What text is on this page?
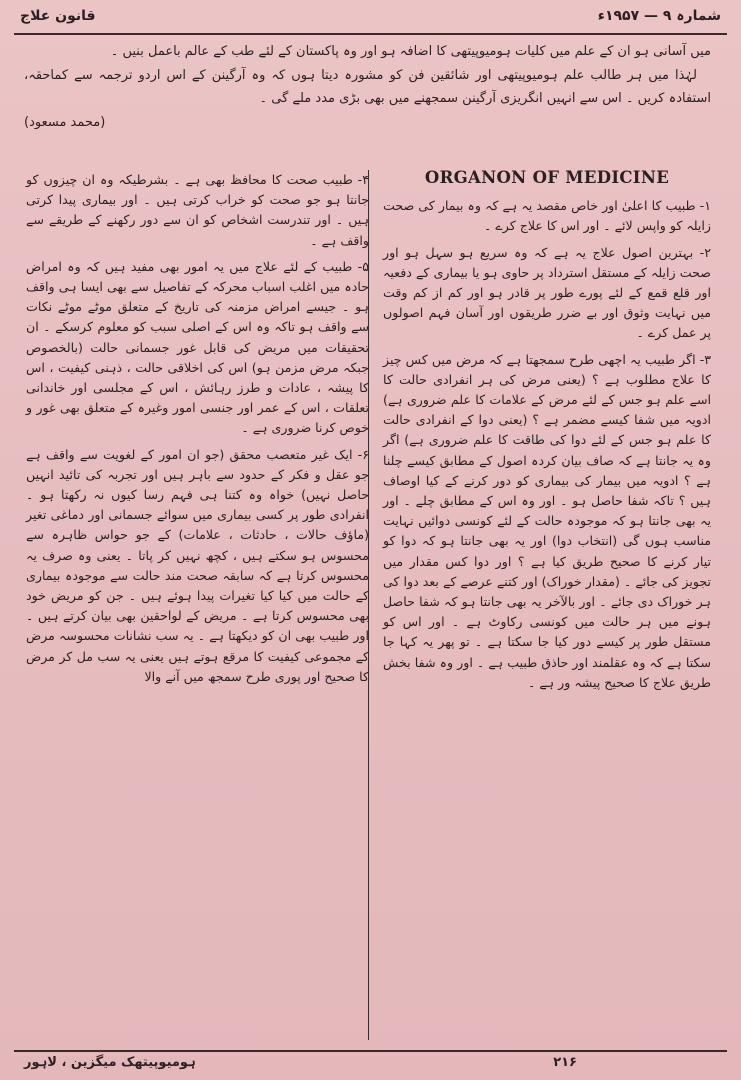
شمارہ ۹ — ۱۹۵۷ء
قانون علاج

میں آسانی ہو ان کے علم میں کلیات ہومیوپیتھی کا اضافہ ہو اور وہ پاکستان کے لئے طب کے عالم باعمل بنیں ۔

لہٰذا میں ہر طالب علم ہومیوپیتھی اور شائقین فن کو مشورہ دیتا ہوں کہ وہ آرگینن کے اس اردو ترجمہ سے کماحقہ، استفادہ کریں ۔ اس سے انہیں انگریزی آرگینن سمجھنے میں بھی بڑی مدد ملے گی ۔

(محمد مسعود)
ORGANON OF MEDICINE

۱- طبیب کا اعلیٰ اور خاص مقصد یہ ہے کہ وہ بیمار کی صحت زایلہ کو واپس لائے ۔ اور اس کا علاج کرے ۔

۲- بہترین اصول علاج یہ ہے کہ وہ سریع ہو سہل ہو اور صحت زایلہ کے مستقل استرداد پر حاوی ہو یا بیماری کے دفعیہ اور قلع قمع کے لئے پورے طور پر قادر ہو اور کم از کم وقت میں نہایت وثوق اور بے ضرر طریقوں اور آسان فہم اصولوں پر عمل کرے ۔

۳- اگر طبیب یہ اچھی طرح سمجھتا ہے کہ مرض میں کس چیز کا علاج مطلوب ہے ؟ (یعنی مرض کی ہر انفرادی حالت کا اسے علم ہو جس کے لئے مرض کے علامات کا علم ضروری ہے) ادویہ میں شفا کیسے مضمر ہے ؟ (یعنی دوا کے انفرادی حالت کا علم ہو جس کے لئے دوا کی طاقت کا علم ضروری ہے) اگر وہ یہ جانتا ہے کہ صاف بیان کردہ اصول کے مطابق کیسے چلنا ہے ؟ ادویہ میں بیمار کی بیماری کو دور کرنے کے کیا اوصاف ہیں ؟ تاکہ شفا حاصل ہو ۔ اور وہ اس کے مطابق چلے ۔ اور یہ بھی جانتا ہو کہ موجودہ حالت کے لئے کونسی دوائیں نہایت مناسب ہوں گی (انتخاب دوا) اور یہ بھی جانتا ہو کہ دوا کو تیار کرنے کا صحیح طریق کیا ہے ؟ اور دوا کس مقدار میں تجویز کی جائے ۔ (مقدار خوراک) اور کتنے عرصے کے بعد دوا کی ہر خوراک دی جائے ۔ اور بالآخر یہ بھی جانتا ہو کہ شفا حاصل ہونے میں ہر حالت میں کونسی رکاوٹ ہے ۔ اور اس کو مستقل طور پر کیسے دور کیا جا سکتا ہے ۔ تو پھر یہ کہا جا سکتا ہے کہ وہ عقلمند اور حاذق طبیب ہے ۔ اور وہ شفا بخش طریق علاج کا صحیح پیشہ ور ہے ۔

۴- طبیب صحت کا محافظ بھی ہے ۔ بشرطیکہ وہ ان چیزوں کو جانتا ہو جو صحت کو خراب کرتی ہیں ۔ اور بیماری پیدا کرتی ہیں ۔ اور تندرست اشخاص کو ان سے دور رکھنے کے طریقے سے واقف ہے ۔

۵- طبیب کے لئے علاج میں یہ امور بھی مفید ہیں کہ وہ امراض حادہ میں اغلب اسباب محرکہ کے تفاصیل سے بھی ایسا ہی واقف ہو ۔ جیسے امراض مزمنہ کی تاریخ کے متعلق موٹے موٹے نکات سے واقف ہو تاکہ وہ اس کے اصلی سبب کو معلوم کرسکے ۔ ان تحقیقات میں مریض کی قابل غور جسمانی حالت (بالخصوص جبکہ مرض مزمن ہو) اس کی اخلاقی حالت ، ذہنی کیفیت ، اس کا پیشہ ، عادات و طرز رہائش ، اس کے مجلسی اور خاندانی تعلقات ، اس کے عمر اور جنسی امور وغیرہ کے متعلق بھی غور و خوص کرنا ضروری ہے ۔

۶- ایک غیر متعصب محقق (جو ان امور کے لغویت سے واقف ہے جو عقل و فکر کے حدود سے باہر ہیں اور تجربہ کی تائید انہیں حاصل نہیں) خواہ وہ کتنا ہی فہم رسا کیوں نہ رکھتا ہو ۔ انفرادی طور پر کسی بیماری میں سوائے جسمانی اور دماغی تغیر (ماؤف حالات ، حادثات ، علامات) کے جو حواس ظاہرہ سے محسوس ہو سکتے ہیں ، کچھ نہیں کر پاتا ۔ یعنی وہ صرف یہ محسوس کرتا ہے کہ سابقہ صحت مند حالت سے موجودہ بیماری کے حالت میں کیا کیا تغیرات پیدا ہوئے ہیں ۔ جن کو مریض خود بھی محسوس کرتا ہے ۔ مریض کے لواحقین بھی بیان کرتے ہیں ۔ اور طبیب بھی ان کو دیکھتا ہے ۔ یہ سب نشانات محسوسہ مرض کے مجموعی کیفیت کا مرقع ہوتے ہیں یعنی یہ سب مل کر مرض کا صحیح اور پوری طرح سمجھ میں آنے والا

۲۱۶
ہومیوپیتھک میگزین ، لاہور
